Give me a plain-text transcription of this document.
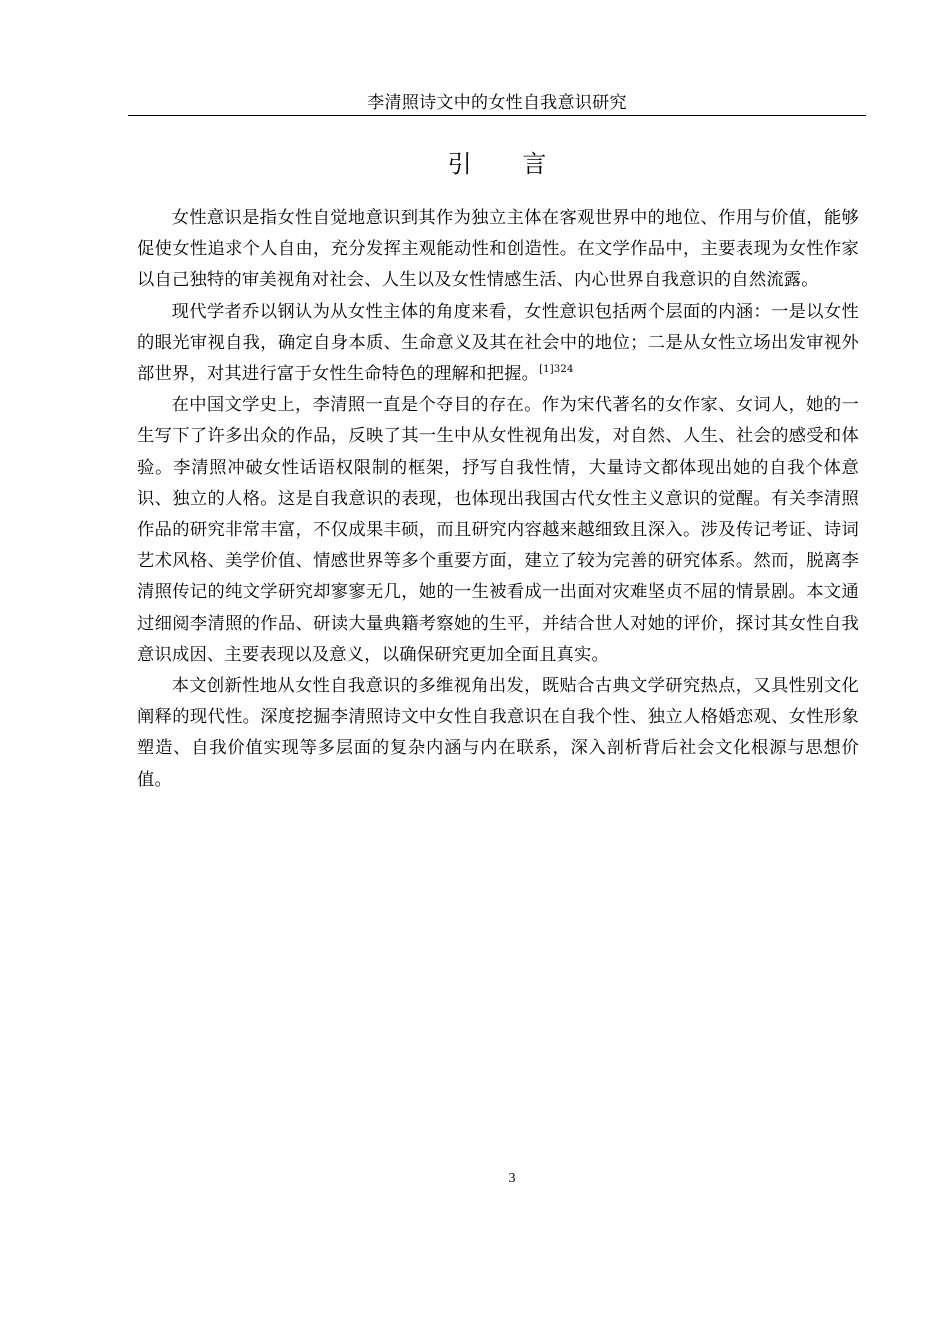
李清照诗文中的女性自我意识研究
引 言

女性意识是指女性自觉地意识到其作为独立主体在客观世界中的地位、作用与价值，能够促使女性追求个人自由，充分发挥主观能动性和创造性。在文学作品中，主要表现为女性作家以自己独特的审美视角对社会、人生以及女性情感生活、内心世界自我意识的自然流露。

现代学者乔以钢认为从女性主体的角度来看，女性意识包括两个层面的内涵：一是以女性的眼光审视自我，确定自身本质、生命意义及其在社会中的地位；二是从女性立场出发审视外部世界，对其进行富于女性生命特色的理解和把握。$^{[1]324}$

在中国文学史上，李清照一直是个夺目的存在。作为宋代著名的女作家、女词人，她的一生写下了许多出众的作品，反映了其一生中从女性视角出发，对自然、人生、社会的感受和体验。李清照冲破女性话语权限制的框架，抒写自我性情，大量诗文都体现出她的自我个体意识、独立的人格。这是自我意识的表现，也体现出我国古代女性主义意识的觉醒。有关李清照作品的研究非常丰富，不仅成果丰硕，而且研究内容越来越细致且深入。涉及传记考证、诗词艺术风格、美学价值、情感世界等多个重要方面，建立了较为完善的研究体系。然而，脱离李清照传记的纯文学研究却寥寥无几，她的一生被看成一出面对灾难坚贞不屈的情景剧。本文通过细阅李清照的作品、研读大量典籍考察她的生平，并结合世人对她的评价，探讨其女性自我意识成因、主要表现以及意义，以确保研究更加全面且真实。

本文创新性地从女性自我意识的多维视角出发，既贴合古典文学研究热点，又具性别文化阐释的现代性。深度挖掘李清照诗文中女性自我意识在自我个性、独立人格婚恋观、女性形象塑造、自我价值实现等多层面的复杂内涵与内在联系，深入剖析背后社会文化根源与思想价值。

3
